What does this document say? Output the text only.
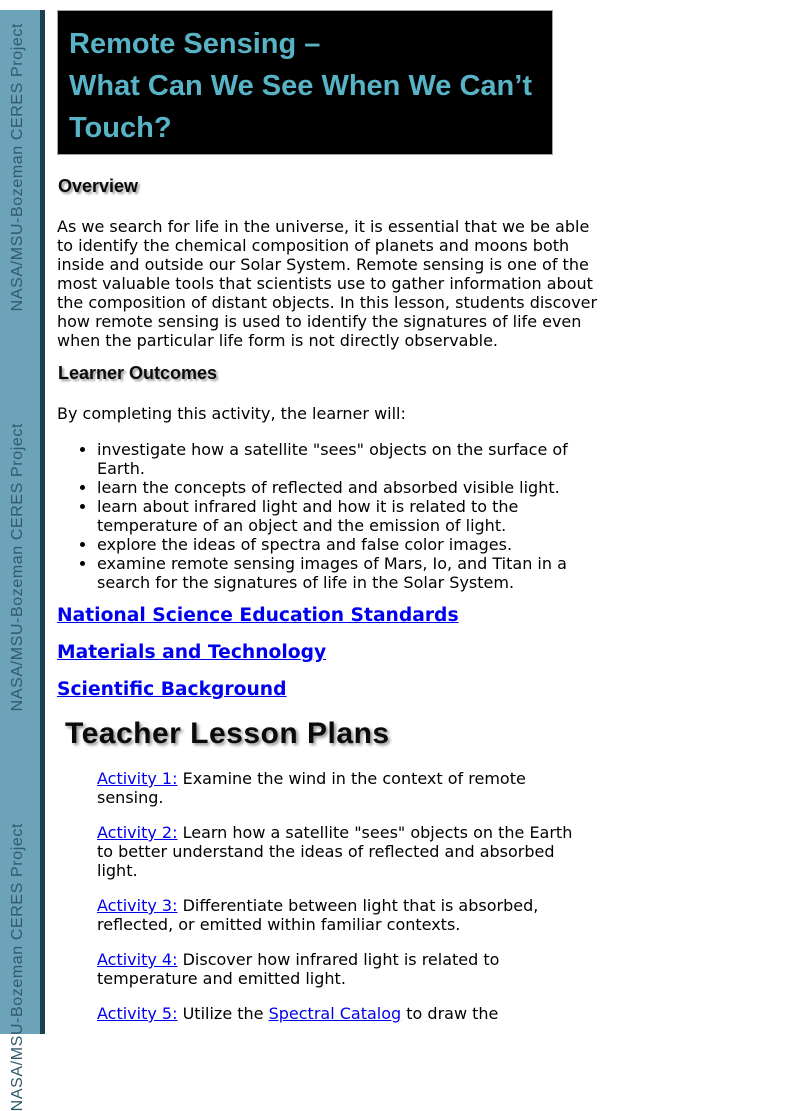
NASA/MSU-Bozeman CERES Project
NASA/MSU-Bozeman CERES Project
NASA/MSU-Bozeman CERES Project
Remote Sensing –
What Can We See When We Can’t
Touch?
Overview

As we search for life in the universe, it is essential that we be able to identify the chemical composition of planets and moons both inside and outside our Solar System. Remote sensing is one of the most valuable tools that scientists use to gather information about the composition of distant objects. In this lesson, students discover how remote sensing is used to identify the signatures of life even when the particular life form is not directly observable.

Learner Outcomes

By completing this activity, the learner will:

• investigate how a satellite "sees" objects on the surface of Earth.
• learn the concepts of reflected and absorbed visible light.
• learn about infrared light and how it is related to the temperature of an object and the emission of light.
• explore the ideas of spectra and false color images.
• examine remote sensing images of Mars, Io, and Titan in a search for the signatures of life in the Solar System.
National Science Education Standards
Materials and Technology
Scientific Background
Teacher Lesson Plans

Activity 1: Examine the wind in the context of remote sensing.

Activity 2: Learn how a satellite "sees" objects on the Earth to better understand the ideas of reflected and absorbed light.

Activity 3: Differentiate between light that is absorbed, reflected, or emitted within familiar contexts.

Activity 4: Discover how infrared light is related to temperature and emitted light.

Activity 5: Utilize the Spectral Catalog to draw the
